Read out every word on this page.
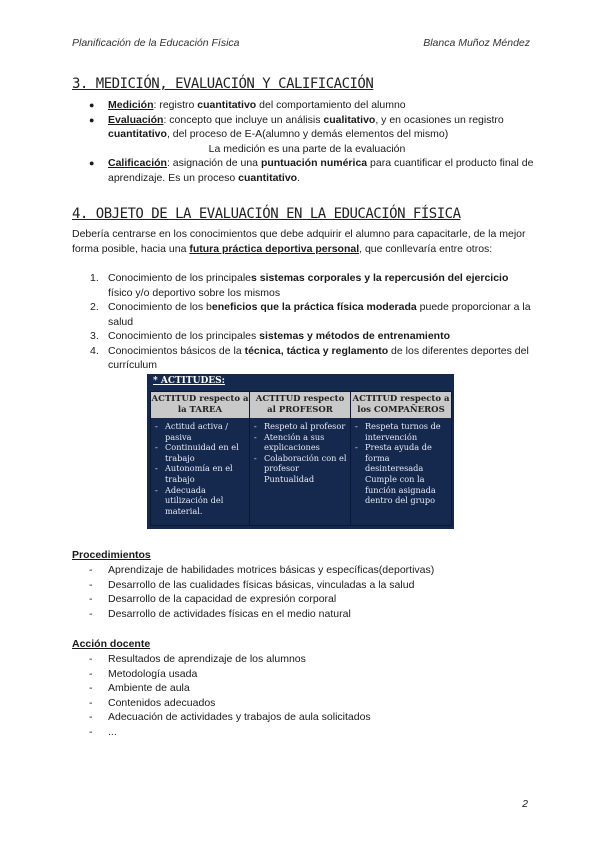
Planificación de la Educación Física	Blanca Muñoz Méndez
3. MEDICIÓN, EVALUACIÓN Y CALIFICACIÓN
● Medición: registro cuantitativo del comportamiento del alumno
● Evaluación: concepto que incluye un análisis cualitativo, y en ocasiones un registro cuantitativo, del proceso de E-A(alumno y demás elementos del mismo)
La medición es una parte de la evaluación
● Calificación: asignación de una puntuación numérica para cuantificar el producto final de aprendizaje. Es un proceso cuantitativo.
4. OBJETO DE LA EVALUACIÓN EN LA EDUCACIÓN FÍSICA
Debería centrarse en los conocimientos que debe adquirir el alumno para capacitarle, de la mejor forma posible, hacia una futura práctica deportiva personal, que conllevaría entre otros:
1. Conocimiento de los principales sistemas corporales y la repercusión del ejercicio físico y/o deportivo sobre los mismos
2. Conocimiento de los beneficios que la práctica física moderada puede proporcionar a la salud
3. Conocimiento de los principales sistemas y métodos de entrenamiento
4. Conocimientos básicos de la técnica, táctica y reglamento de los diferentes deportes del currículum
* ACTITUDES:
ACTITUD respecto a la TAREA
- Actitud activa / pasiva
- Continuidad en el trabajo
- Autonomía en el trabajo
- Adecuada utilización del material.
ACTITUD respecto al PROFESOR
- Respeto al profesor
- Atención a sus explicaciones
- Colaboración con el profesor
Puntualidad
ACTITUD respecto a los COMPAÑEROS
- Respeta turnos de intervención
- Presta ayuda de forma desinteresada
Cumple con la función asignada dentro del grupo
Procedimientos
- Aprendizaje de habilidades motrices básicas y específicas(deportivas)
- Desarrollo de las cualidades físicas básicas, vinculadas a la salud
- Desarrollo de la capacidad de expresión corporal
- Desarrollo de actividades físicas en el medio natural
Acción docente
- Resultados de aprendizaje de los alumnos
- Metodología usada
- Ambiente de aula
- Contenidos adecuados
- Adecuación de actividades y trabajos de aula solicitados
- ...
2
